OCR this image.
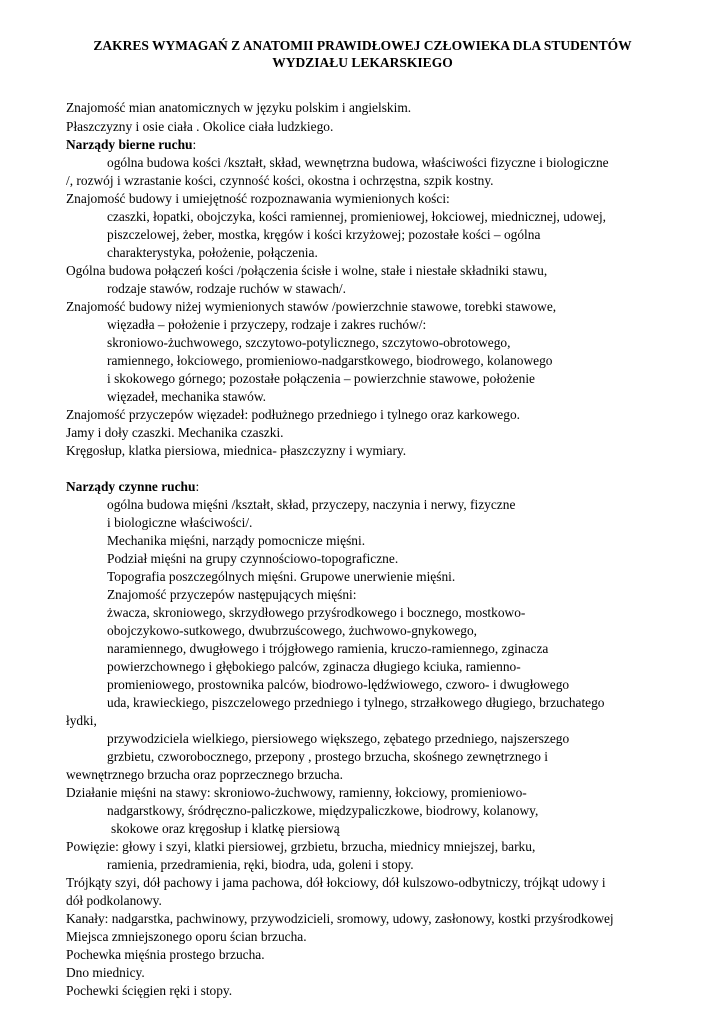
ZAKRES WYMAGAŃ Z ANATOMII PRAWIDŁOWEJ CZŁOWIEKA DLA STUDENTÓW
WYDZIAŁU LEKARSKIEGO
Znajomość mian anatomicznych w języku polskim i angielskim.
Płaszczyzny i osie ciała . Okolice ciała ludzkiego.
Narządy bierne ruchu:
ogólna budowa kości /kształt, skład, wewnętrzna budowa, właściwości fizyczne i biologiczne
/, rozwój i wzrastanie kości, czynność kości, okostna i ochrzęstna, szpik kostny.
Znajomość budowy i umiejętność rozpoznawania wymienionych kości:
czaszki, łopatki, obojczyka, kości ramiennej, promieniowej, łokciowej, miednicznej, udowej,
piszczelowej, żeber, mostka, kręgów i kości krzyżowej; pozostałe kości – ogólna
charakterystyka, położenie, połączenia.
Ogólna budowa połączeń kości /połączenia ścisłe i wolne, stałe i niestałe składniki stawu,
rodzaje stawów, rodzaje ruchów w stawach/.
Znajomość budowy niżej wymienionych stawów /powierzchnie stawowe, torebki stawowe,
więzadła – położenie i przyczepy, rodzaje i zakres ruchów/:
skroniowo-żuchwowego, szczytowo-potylicznego, szczytowo-obrotowego,
ramiennego, łokciowego, promieniowo-nadgarstkowego, biodrowego, kolanowego
i skokowego górnego; pozostałe połączenia – powierzchnie stawowe, położenie
więzadeł, mechanika stawów.
Znajomość przyczepów więzadeł: podłużnego przedniego i tylnego oraz karkowego.
Jamy i doły czaszki. Mechanika czaszki.
Kręgosłup, klatka piersiowa, miednica- płaszczyzny i wymiary.
Narządy czynne ruchu:
ogólna budowa mięśni /kształt, skład, przyczepy, naczynia i nerwy, fizyczne
i biologiczne właściwości/.
Mechanika mięśni, narządy pomocnicze mięśni.
Podział mięśni na grupy czynnościowo-topograficzne.
Topografia poszczególnych mięśni. Grupowe unerwienie mięśni.
Znajomość przyczepów następujących mięśni:
żwacza, skroniowego, skrzydłowego przyśrodkowego i bocznego, mostkowo-
obojczykowo-sutkowego, dwubrzuścowego, żuchwowo-gnykowego,
naramiennego, dwugłowego i trójgłowego ramienia, kruczo-ramiennego, zginacza
powierzchownego i głębokiego palców, zginacza długiego kciuka, ramienno-
promieniowego, prostownika palców, biodrowo-lędźwiowego, czworo- i dwugłowego
uda, krawieckiego, piszczelowego przedniego i tylnego, strzałkowego długiego, brzuchatego
łydki,
przywodziciela wielkiego, piersiowego większego, zębatego przedniego, najszerszego
grzbietu, czworobocznego, przepony , prostego brzucha, skośnego zewnętrznego i
wewnętrznego brzucha oraz poprzecznego brzucha.
Działanie mięśni na stawy: skroniowo-żuchwowy, ramienny, łokciowy, promieniowo-
nadgarstkowy, śródręczno-paliczkowe, międzypaliczkowe, biodrowy, kolanowy,
skokowe oraz kręgosłup i klatkę piersiową
Powięzie: głowy i szyi, klatki piersiowej, grzbietu, brzucha, miednicy mniejszej, barku,
ramienia, przedramienia, ręki, biodra, uda, goleni i stopy.
Trójkąty szyi, dół pachowy i jama pachowa, dół łokciowy, dół kulszowo-odbytniczy, trójkąt udowy i
dół podkolanowy.
Kanały: nadgarstka, pachwinowy, przywodzicieli, sromowy, udowy, zasłonowy, kostki przyśrodkowej
Miejsca zmniejszonego oporu ścian brzucha.
Pochewka mięśnia prostego brzucha.
Dno miednicy.
Pochewki ścięgien ręki i stopy.
